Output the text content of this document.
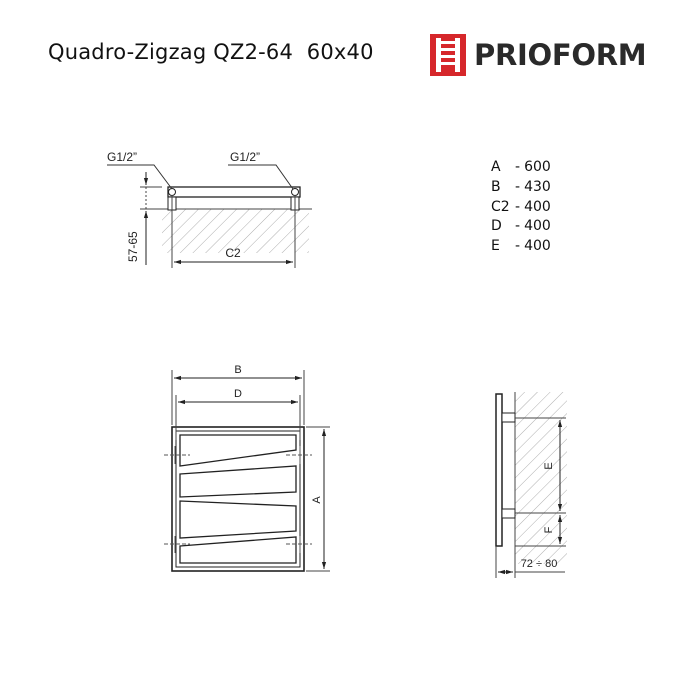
Quadro-Zigzag QZ2-64  60x40	PRIOFORM
A - 600
B - 430
C2 - 400
D - 400
E - 400
G1/2”	G1/2”
57-65	C2
B
D
A
E
F
72 ÷ 80
